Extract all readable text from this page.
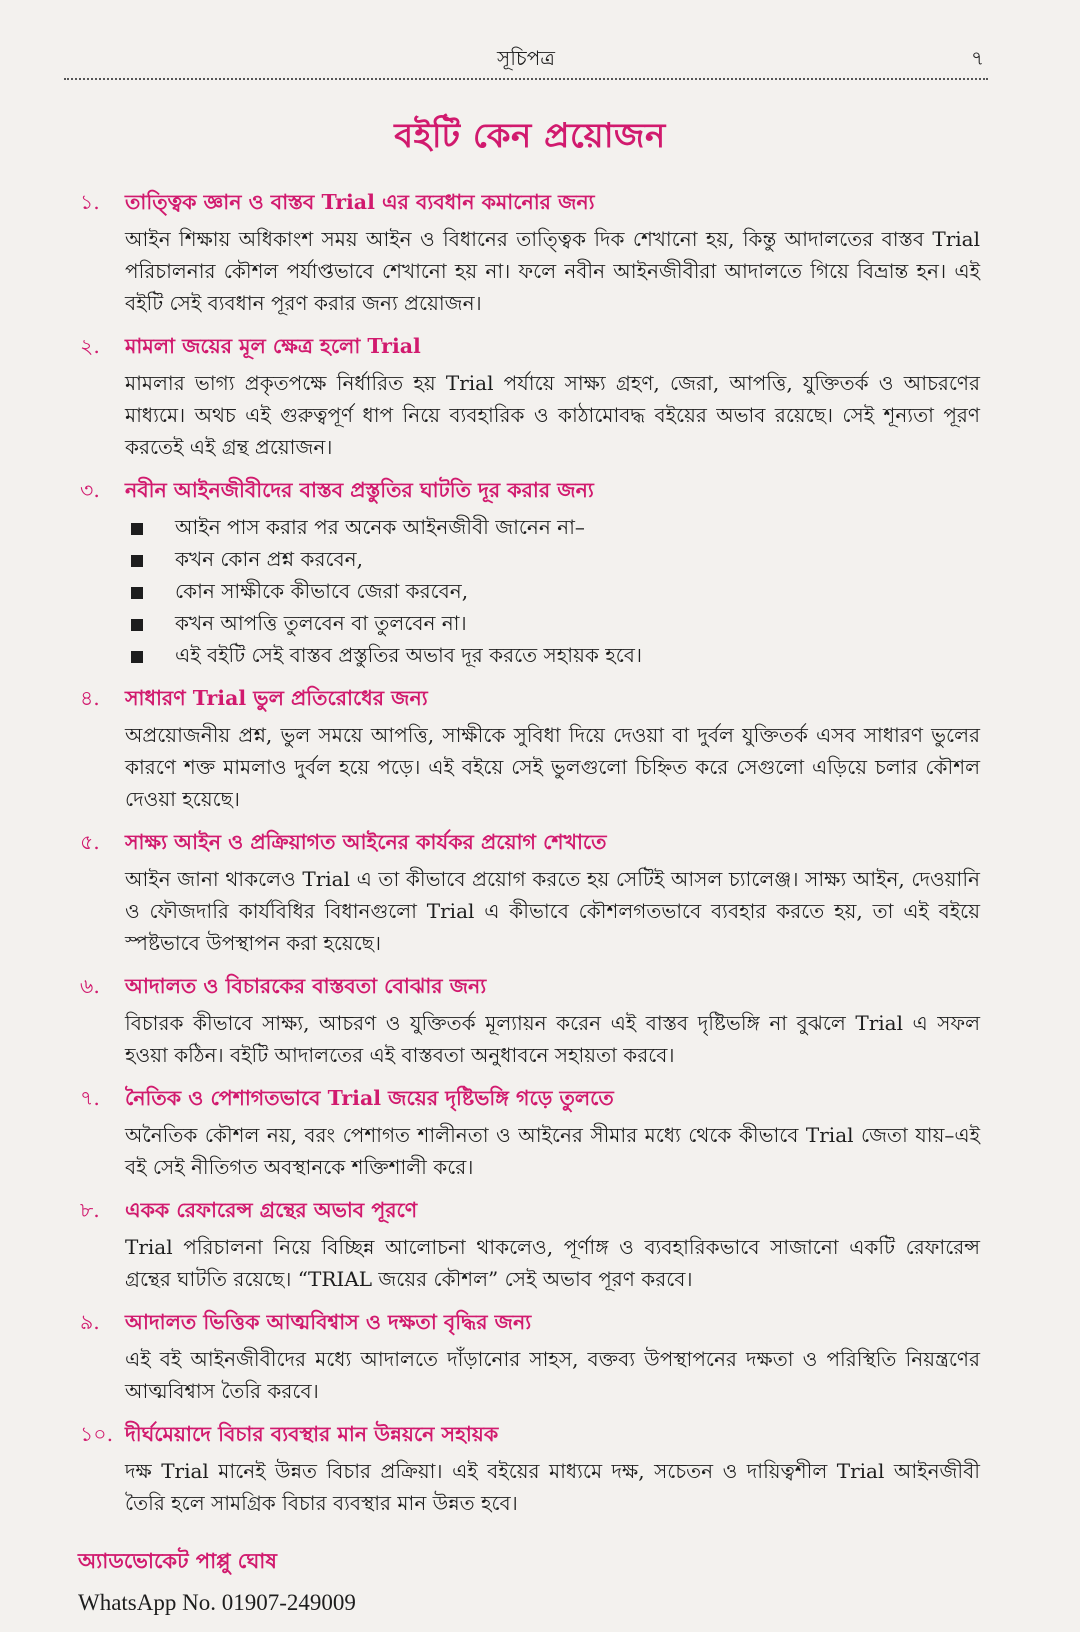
সূচিপত্র	৭
বইটি কেন প্রয়োজন
১.	তাত্ত্বিক জ্ঞান ও বাস্তব Trial এর ব্যবধান কমানোর জন্য
আইন শিক্ষায় অধিকাংশ সময় আইন ও বিধানের তাত্ত্বিক দিক শেখানো হয়, কিন্তু আদালতের বাস্তব Trial পরিচালনার কৌশল পর্যাপ্তভাবে শেখানো হয় না। ফলে নবীন আইনজীবীরা আদালতে গিয়ে বিভ্রান্ত হন। এই বইটি সেই ব্যবধান পূরণ করার জন্য প্রয়োজন।
২.	মামলা জয়ের মূল ক্ষেত্র হলো Trial
মামলার ভাগ্য প্রকৃতপক্ষে নির্ধারিত হয় Trial পর্যায়ে সাক্ষ্য গ্রহণ, জেরা, আপত্তি, যুক্তিতর্ক ও আচরণের মাধ্যমে। অথচ এই গুরুত্বপূর্ণ ধাপ নিয়ে ব্যবহারিক ও কাঠামোবদ্ধ বইয়ের অভাব রয়েছে। সেই শূন্যতা পূরণ করতেই এই গ্রন্থ প্রয়োজন।
৩.	নবীন আইনজীবীদের বাস্তব প্রস্তুতির ঘাটতি দূর করার জন্য
আইন পাস করার পর অনেক আইনজীবী জানেন না–
কখন কোন প্রশ্ন করবেন,
কোন সাক্ষীকে কীভাবে জেরা করবেন,
কখন আপত্তি তুলবেন বা তুলবেন না।
এই বইটি সেই বাস্তব প্রস্তুতির অভাব দূর করতে সহায়ক হবে।
৪.	সাধারণ Trial ভুল প্রতিরোধের জন্য
অপ্রয়োজনীয় প্রশ্ন, ভুল সময়ে আপত্তি, সাক্ষীকে সুবিধা দিয়ে দেওয়া বা দুর্বল যুক্তিতর্ক এসব সাধারণ ভুলের কারণে শক্ত মামলাও দুর্বল হয়ে পড়ে। এই বইয়ে সেই ভুলগুলো চিহ্নিত করে সেগুলো এড়িয়ে চলার কৌশল দেওয়া হয়েছে।
৫.	সাক্ষ্য আইন ও প্রক্রিয়াগত আইনের কার্যকর প্রয়োগ শেখাতে
আইন জানা থাকলেও Trial এ তা কীভাবে প্রয়োগ করতে হয় সেটিই আসল চ্যালেঞ্জ। সাক্ষ্য আইন, দেওয়ানি ও ফৌজদারি কার্যবিধির বিধানগুলো Trial এ কীভাবে কৌশলগতভাবে ব্যবহার করতে হয়, তা এই বইয়ে স্পষ্টভাবে উপস্থাপন করা হয়েছে।
৬.	আদালত ও বিচারকের বাস্তবতা বোঝার জন্য
বিচারক কীভাবে সাক্ষ্য, আচরণ ও যুক্তিতর্ক মূল্যায়ন করেন এই বাস্তব দৃষ্টিভঙ্গি না বুঝলে Trial এ সফল হওয়া কঠিন। বইটি আদালতের এই বাস্তবতা অনুধাবনে সহায়তা করবে।
৭.	নৈতিক ও পেশাগতভাবে Trial জয়ের দৃষ্টিভঙ্গি গড়ে তুলতে
অনৈতিক কৌশল নয়, বরং পেশাগত শালীনতা ও আইনের সীমার মধ্যে থেকে কীভাবে Trial জেতা যায়–এই বই সেই নীতিগত অবস্থানকে শক্তিশালী করে।
৮.	একক রেফারেন্স গ্রন্থের অভাব পূরণে
Trial পরিচালনা নিয়ে বিচ্ছিন্ন আলোচনা থাকলেও, পূর্ণাঙ্গ ও ব্যবহারিকভাবে সাজানো একটি রেফারেন্স গ্রন্থের ঘাটতি রয়েছে। “TRIAL জয়ের কৌশল” সেই অভাব পূরণ করবে।
৯.	আদালত ভিত্তিক আত্মবিশ্বাস ও দক্ষতা বৃদ্ধির জন্য
এই বই আইনজীবীদের মধ্যে আদালতে দাঁড়ানোর সাহস, বক্তব্য উপস্থাপনের দক্ষতা ও পরিস্থিতি নিয়ন্ত্রণের আত্মবিশ্বাস তৈরি করবে।
১০. দীর্ঘমেয়াদে বিচার ব্যবস্থার মান উন্নয়নে সহায়ক
দক্ষ Trial মানেই উন্নত বিচার প্রক্রিয়া। এই বইয়ের মাধ্যমে দক্ষ, সচেতন ও দায়িত্বশীল Trial আইনজীবী তৈরি হলে সামগ্রিক বিচার ব্যবস্থার মান উন্নত হবে।
অ্যাডভোকেট পাপ্পু ঘোষ
WhatsApp No. 01907-249009
